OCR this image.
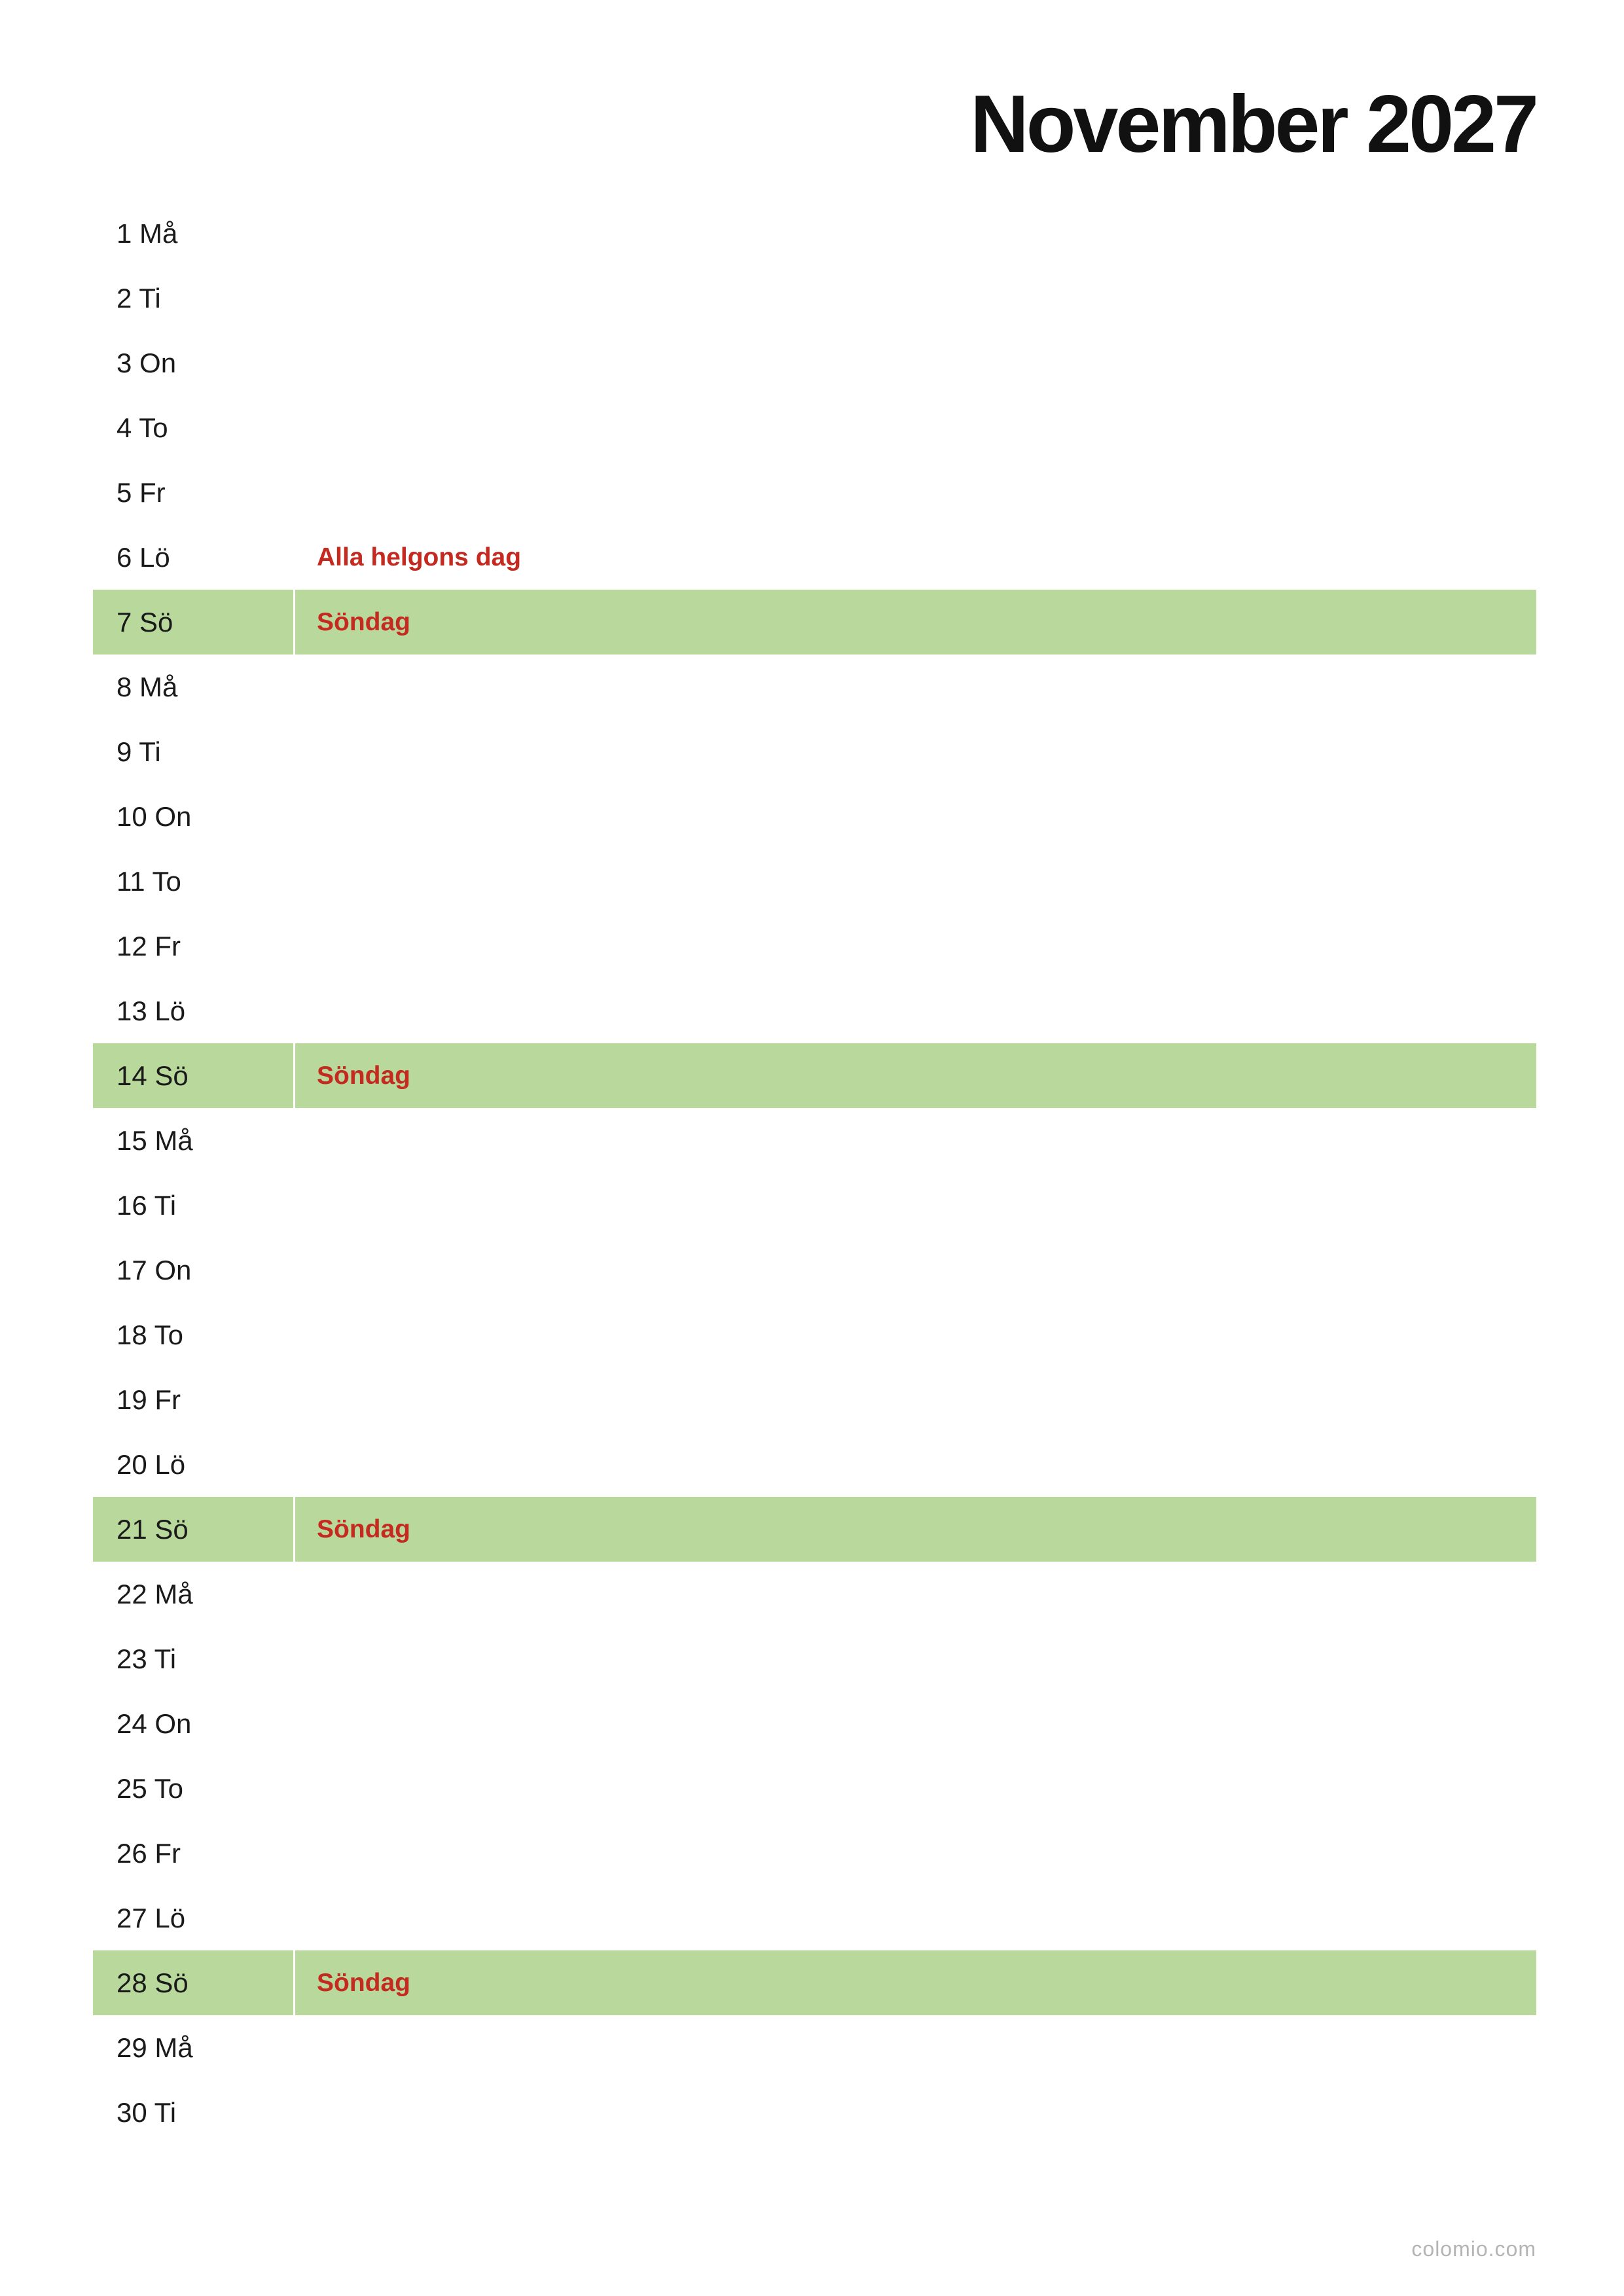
November 2027
1 Må
2 Ti
3 On
4 To
5 Fr
6 Lö	Alla helgons dag
7 Sö	Söndag
8 Må
9 Ti
10 On
11 To
12 Fr
13 Lö
14 Sö	Söndag
15 Må
16 Ti
17 On
18 To
19 Fr
20 Lö
21 Sö	Söndag
22 Må
23 Ti
24 On
25 To
26 Fr
27 Lö
28 Sö	Söndag
29 Må
30 Ti
colomio.com
